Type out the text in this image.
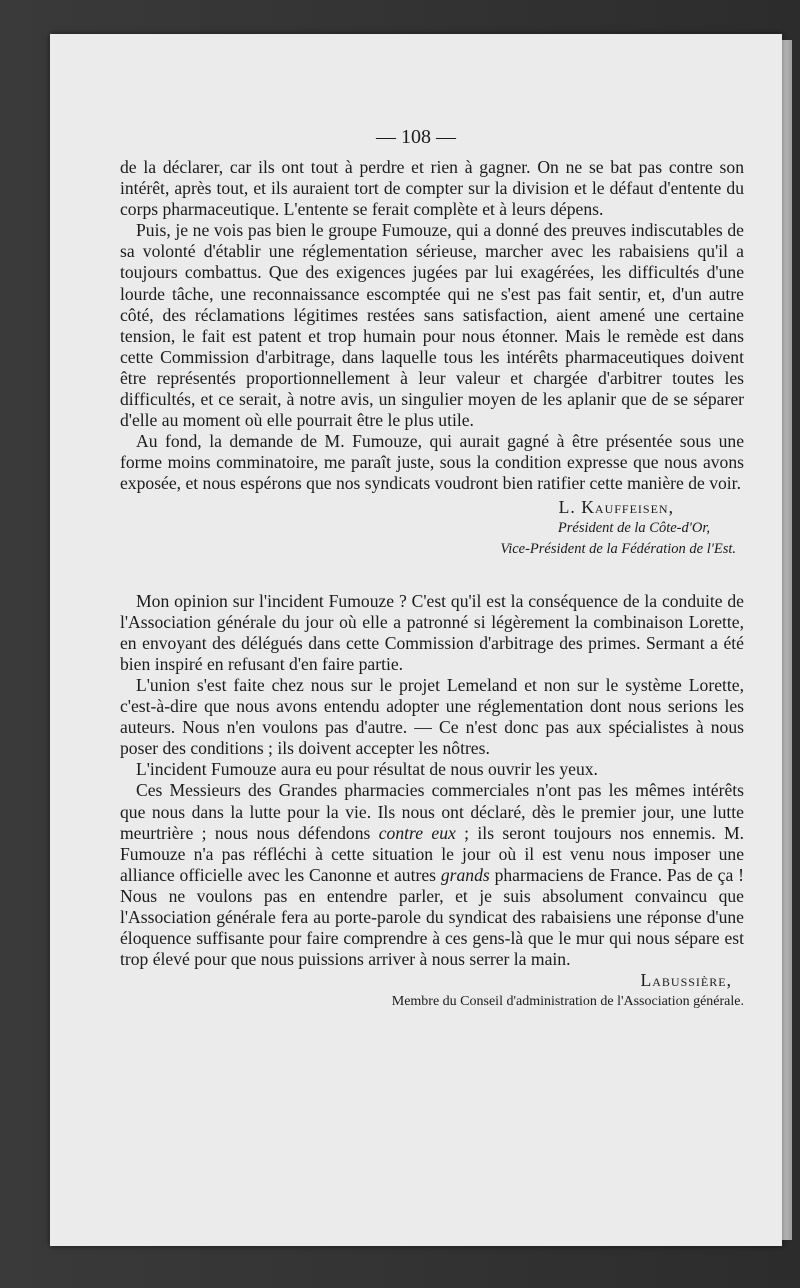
— 108 —

de la déclarer, car ils ont tout à perdre et rien à gagner. On ne se bat pas contre son intérêt, après tout, et ils auraient tort de compter sur la division et le défaut d'entente du corps pharmaceutique. L'entente se ferait complète et à leurs dépens.

Puis, je ne vois pas bien le groupe Fumouze, qui a donné des preuves indiscutables de sa volonté d'établir une réglementation sérieuse, marcher avec les rabaisiens qu'il a toujours combattus. Que des exigences jugées par lui exagérées, les difficultés d'une lourde tâche, une reconnaissance escomptée qui ne s'est pas fait sentir, et, d'un autre côté, des réclamations légitimes restées sans satisfaction, aient amené une certaine tension, le fait est patent et trop humain pour nous étonner. Mais le remède est dans cette Commission d'arbitrage, dans laquelle tous les intérêts pharmaceutiques doivent être représentés proportionnellement à leur valeur et chargée d'arbitrer toutes les difficultés, et ce serait, à notre avis, un singulier moyen de les aplanir que de se séparer d'elle au moment où elle pourrait être le plus utile.

Au fond, la demande de M. Fumouze, qui aurait gagné à être présentée sous une forme moins comminatoire, me paraît juste, sous la condition expresse que nous avons exposée, et nous espérons que nos syndicats voudront bien ratifier cette manière de voir.

L. Kauffeisen,

Président de la Côte-d'Or,

Vice-Président de la Fédération de l'Est.

Mon opinion sur l'incident Fumouze ? C'est qu'il est la conséquence de la conduite de l'Association générale du jour où elle a patronné si légèrement la combinaison Lorette, en envoyant des délégués dans cette Commission d'arbitrage des primes. Sermant a été bien inspiré en refusant d'en faire partie.

L'union s'est faite chez nous sur le projet Lemeland et non sur le système Lorette, c'est-à-dire que nous avons entendu adopter une réglementation dont nous serions les auteurs. Nous n'en voulons pas d'autre. — Ce n'est donc pas aux spécialistes à nous poser des conditions ; ils doivent accepter les nôtres.

L'incident Fumouze aura eu pour résultat de nous ouvrir les yeux.

Ces Messieurs des Grandes pharmacies commerciales n'ont pas les mêmes intérêts que nous dans la lutte pour la vie. Ils nous ont déclaré, dès le premier jour, une lutte meurtrière ; nous nous défendons contre eux ; ils seront toujours nos ennemis. M. Fumouze n'a pas réfléchi à cette situation le jour où il est venu nous imposer une alliance officielle avec les Canonne et autres grands pharmaciens de France. Pas de ça ! Nous ne voulons pas en entendre parler, et je suis absolument convaincu que l'Association générale fera au porte-parole du syndicat des rabaisiens une réponse d'une éloquence suffisante pour faire comprendre à ces gens-là que le mur qui nous sépare est trop élevé pour que nous puissions arriver à nous serrer la main.

Labussière,

Membre du Conseil d'administration de l'Association générale.
